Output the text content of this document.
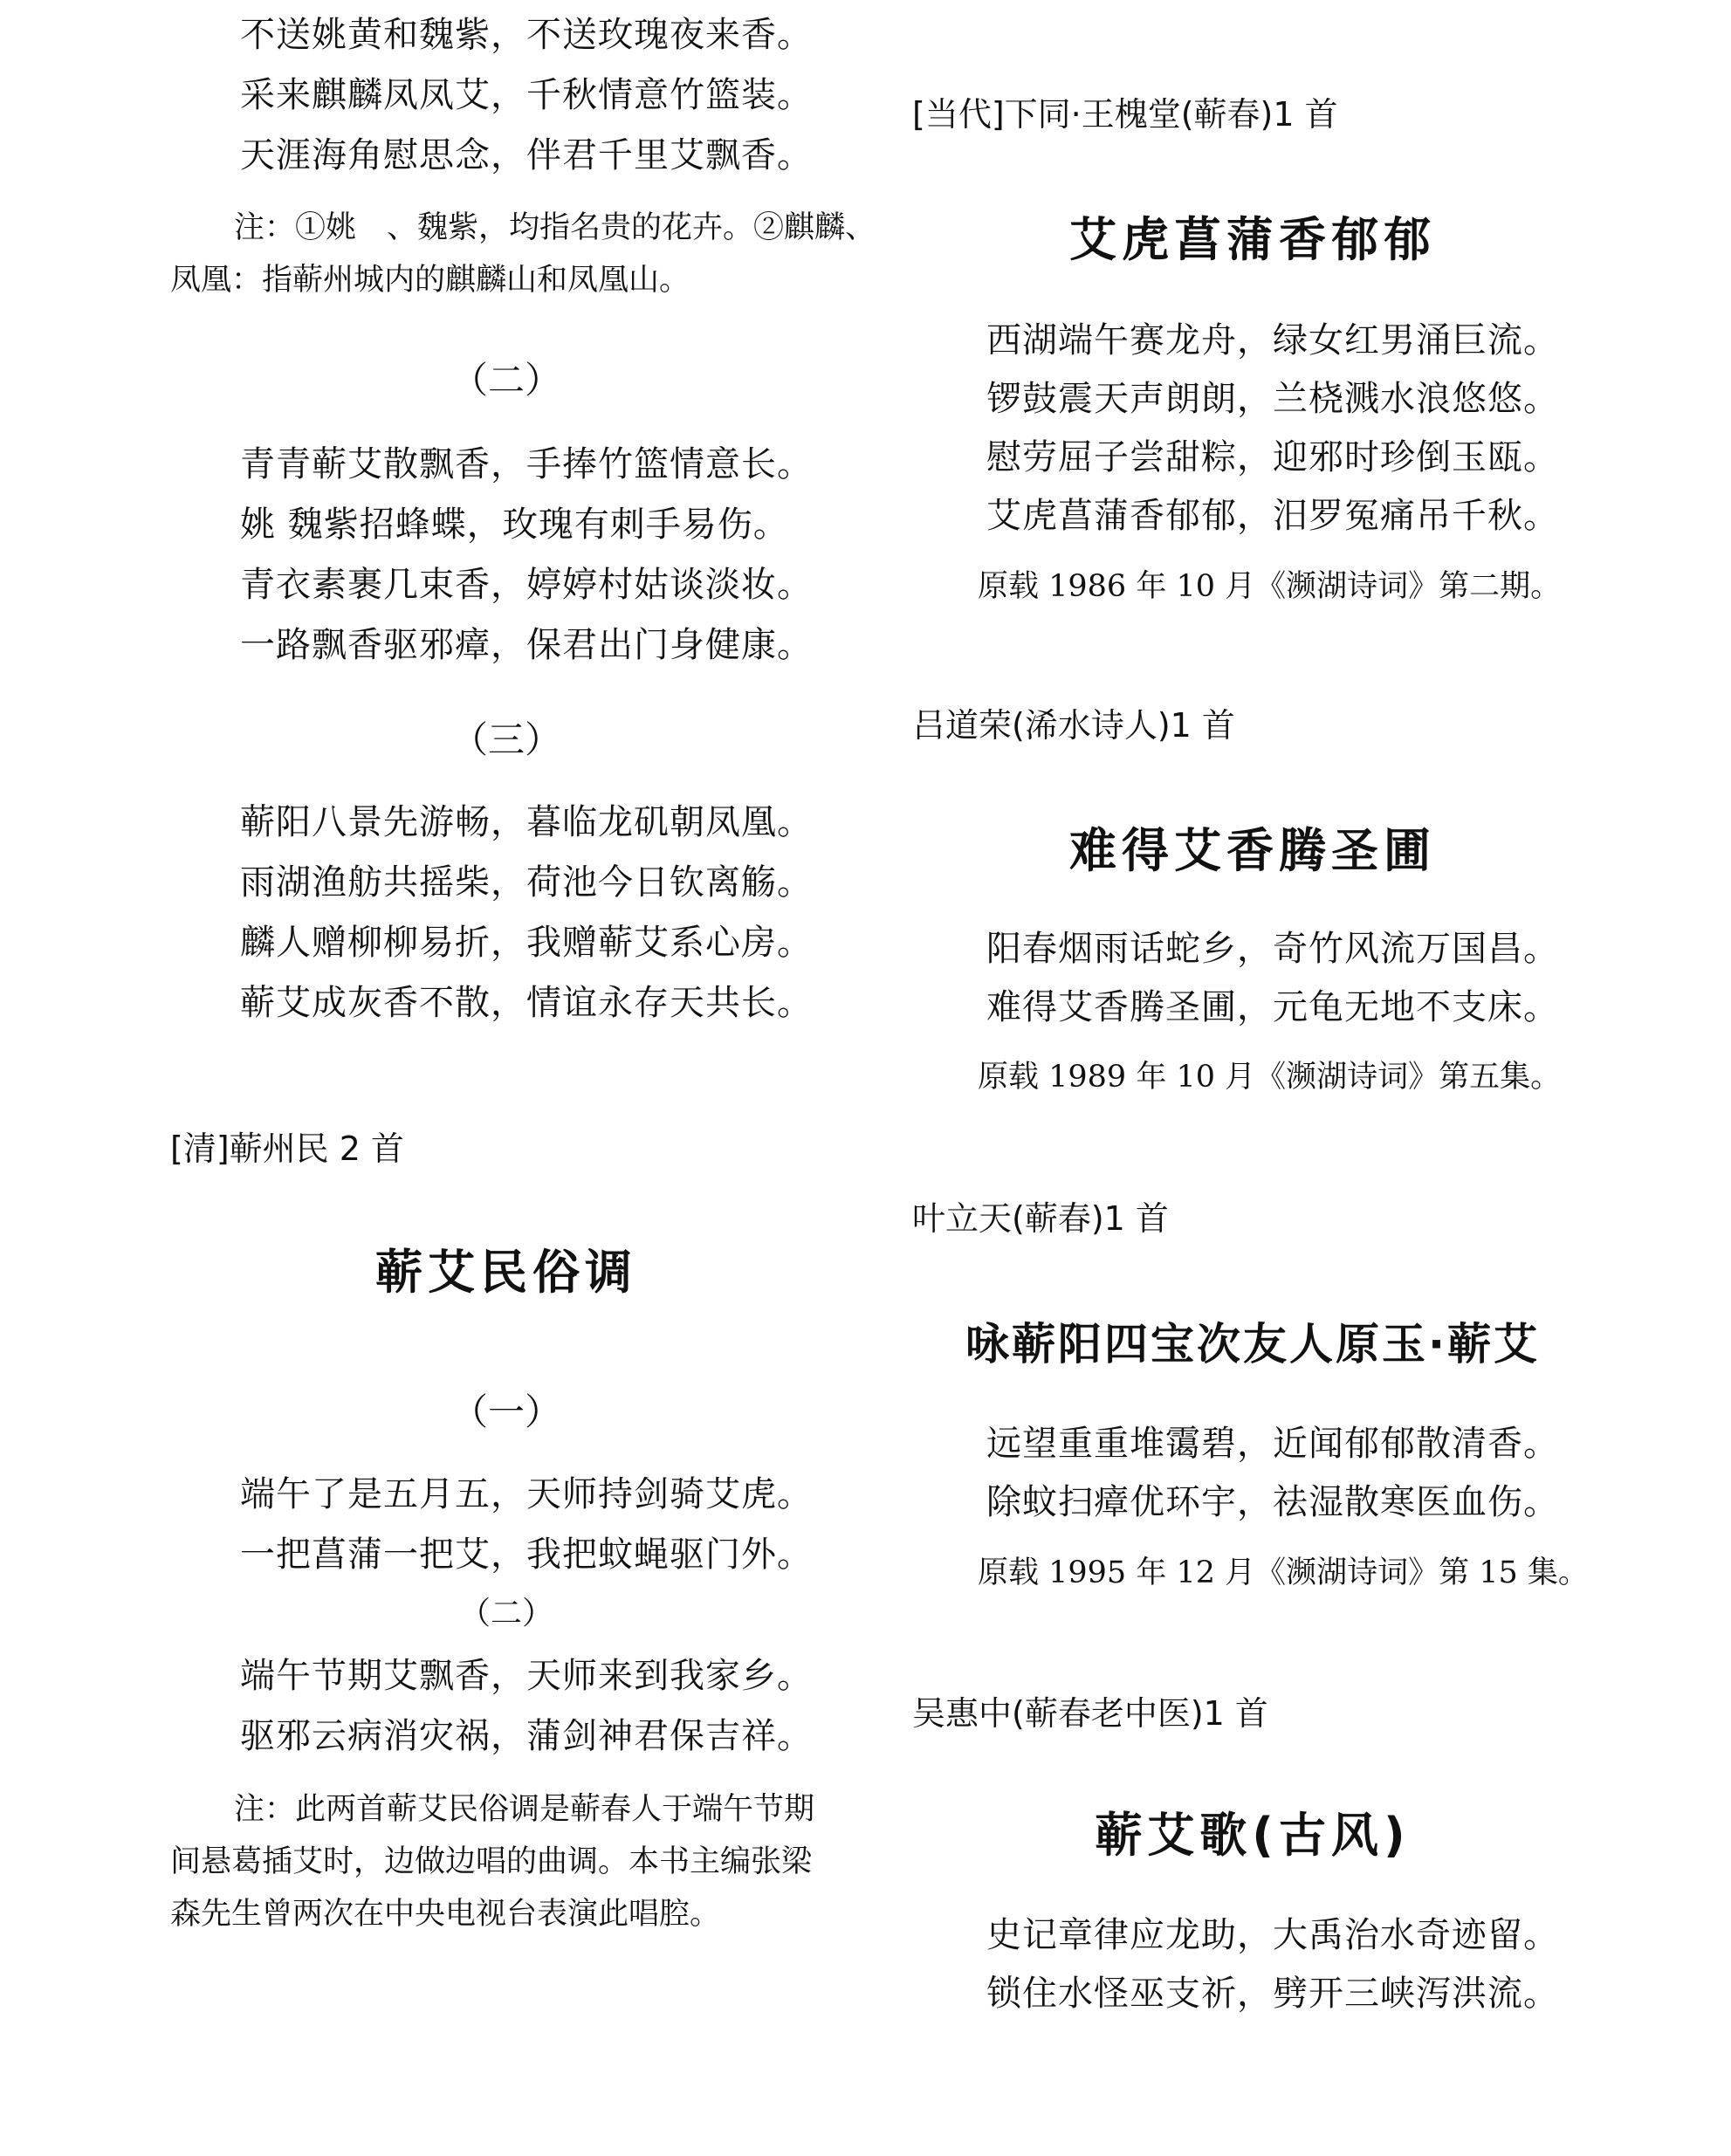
不送姚黄和魏紫，不送玫瑰夜来香。
采来麒麟凤凤艾，千秋情意竹篮装。
天涯海角慰思念，伴君千里艾飘香。
注：①姚　、魏紫，均指名贵的花卉。②麒麟、
凤凰：指蕲州城内的麒麟山和凤凰山。
（二）
青青蕲艾散飘香，手捧竹篮情意长。
姚 魏紫招蜂蝶，玫瑰有刺手易伤。
青衣素裹几束香，婷婷村姑谈淡妆。
一路飘香驱邪瘴，保君出门身健康。
（三）
蕲阳八景先游畅，暮临龙矶朝凤凰。
雨湖渔舫共摇柴，荷池今日钦离觞。
麟人赠柳柳易折，我赠蕲艾系心房。
蕲艾成灰香不散，情谊永存天共长。
[清]蕲州民 2 首
蕲艾民俗调
（一）
端午了是五月五，天师持剑骑艾虎。
一把菖蒲一把艾，我把蚊蝇驱门外。
（二）
端午节期艾飘香，天师来到我家乡。
驱邪云病消灾祸，蒲剑神君保吉祥。
注：此两首蕲艾民俗调是蕲春人于端午节期
间悬葛插艾时，边做边唱的曲调。本书主编张梁
森先生曾两次在中央电视台表演此唱腔。
[当代]下同·王槐堂(蕲春)1 首
艾虎菖蒲香郁郁
西湖端午赛龙舟，绿女红男涌巨流。
锣鼓震天声朗朗，兰桡溅水浪悠悠。
慰劳屈子尝甜粽，迎邪时珍倒玉瓯。
艾虎菖蒲香郁郁，汨罗冤痛吊千秋。
原载 1986 年 10 月《濒湖诗词》第二期。
吕道荣(浠水诗人)1 首
难得艾香腾圣圃
阳春烟雨话蛇乡，奇竹风流万国昌。
难得艾香腾圣圃，元龟无地不支床。
原载 1989 年 10 月《濒湖诗词》第五集。
叶立天(蕲春)1 首
咏蕲阳四宝次友人原玉·蕲艾
远望重重堆霭碧，近闻郁郁散清香。
除蚊扫瘴优环宇，祛湿散寒医血伤。
原载 1995 年 12 月《濒湖诗词》第 15 集。
吴惠中(蕲春老中医)1 首
蕲艾歌(古风)
史记章律应龙助，大禹治水奇迹留。
锁住水怪巫支祈，劈开三峡泻洪流。
